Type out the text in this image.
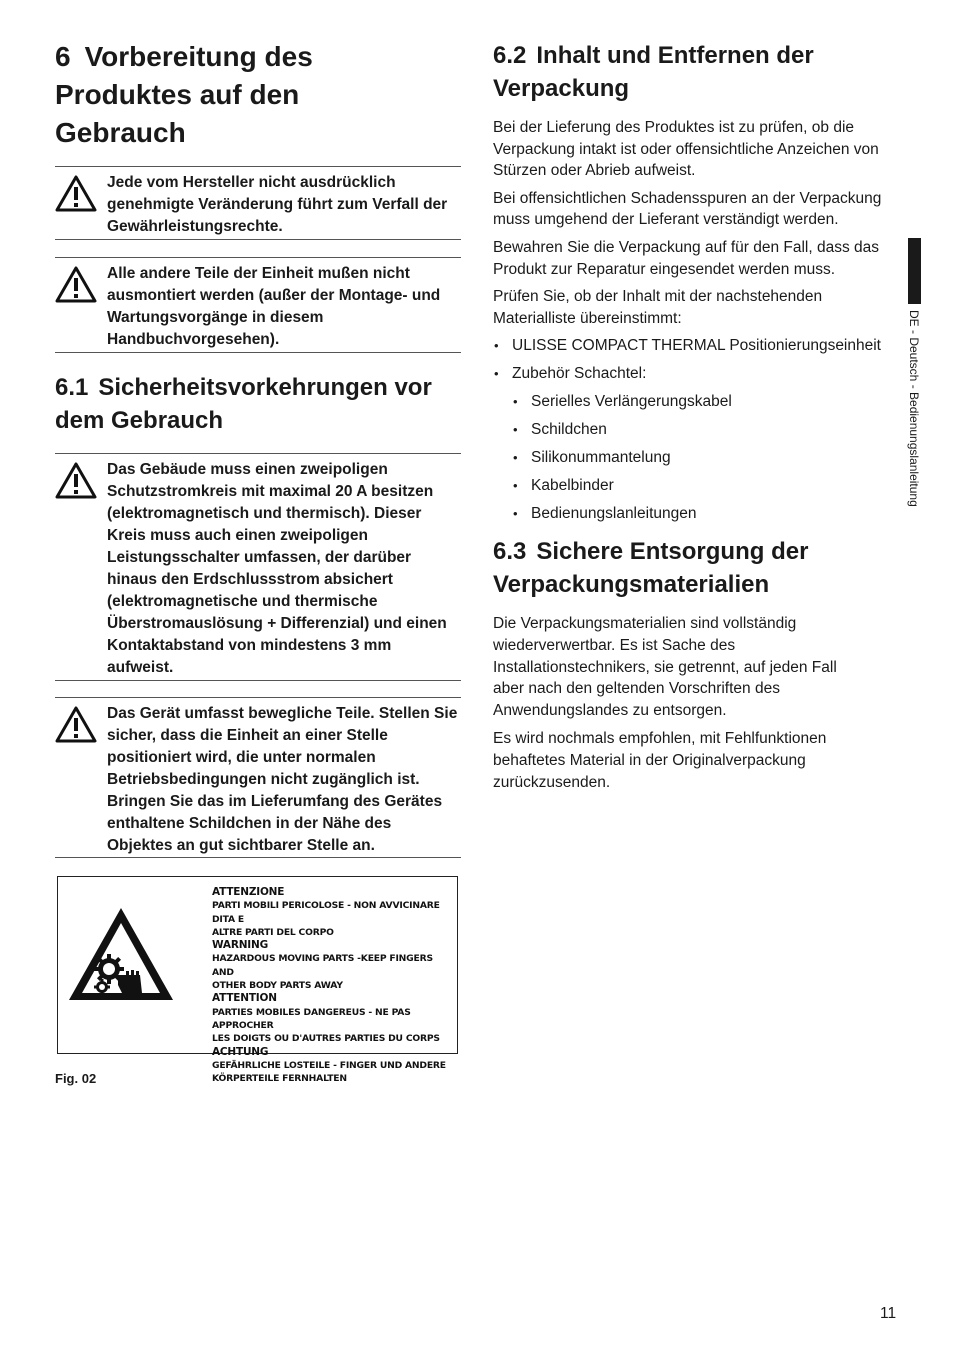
6 Vorbereitung des Produktes auf den Gebrauch
Jede vom Hersteller nicht ausdrücklich genehmigte Veränderung führt zum Verfall der Gewährleistungsrechte.
Alle andere Teile der Einheit mußen nicht ausmontiert werden (außer der Montage- und Wartungsvorgänge in diesem Handbuchvorgesehen).
6.1 Sicherheitsvorkehrungen vor dem Gebrauch
Das Gebäude muss einen zweipoligen Schutzstromkreis mit maximal 20 A besitzen (elektromagnetisch und thermisch). Dieser Kreis muss auch einen zweipoligen Leistungsschalter umfassen, der darüber hinaus den Erdschlussstrom absichert (elektromagnetische und thermische Überstromauslösung + Differenzial) und einen Kontaktabstand von mindestens 3 mm aufweist.
Das Gerät umfasst bewegliche Teile. Stellen Sie sicher, dass die Einheit an einer Stelle positioniert wird, die unter normalen Betriebsbedingungen nicht zugänglich ist. Bringen Sie das im Lieferumfang des Gerätes enthaltene Schildchen in der Nähe des Objektes an gut sichtbarer Stelle an.
ATTENZIONE
PARTI MOBILI PERICOLOSE - NON AVVICINARE DITA E
ALTRE PARTI DEL CORPO
WARNING
HAZARDOUS MOVING PARTS -KEEP FINGERS AND
OTHER BODY PARTS AWAY
ATTENTION
PARTIES MOBILES DANGEREUS - NE PAS APPROCHER
LES DOIGTS OU D'AUTRES PARTIES DU CORPS
ACHTUNG
GEFÄHRLICHE LOSTEILE - FINGER UND ANDERE
KÖRPERTEILE FERNHALTEN
Fig. 02
6.2 Inhalt und Entfernen der Verpackung

Bei der Lieferung des Produktes ist zu prüfen, ob die Verpackung intakt ist oder offensichtliche Anzeichen von Stürzen oder Abrieb aufweist.

Bei offensichtlichen Schadensspuren an der Verpackung muss umgehend der Lieferant verständigt werden.

Bewahren Sie die Verpackung auf für den Fall, dass das Produkt zur Reparatur eingesendet werden muss.

Prüfen Sie, ob der Inhalt mit der nachstehenden Materialliste übereinstimmt:

• ULISSE COMPACT THERMAL Positionierungseinheit
• Zubehör Schachtel:
• Serielles Verlängerungskabel
• Schildchen
• Silikonummantelung
• Kabelbinder
• Bedienungslanleitungen
6.3 Sichere Entsorgung der Verpackungsmaterialien

Die Verpackungsmaterialien sind vollständig wiederverwertbar. Es ist Sache des Installationstechnikers, sie getrennt, auf jeden Fall aber nach den geltenden Vorschriften des Anwendungslandes zu entsorgen.

Es wird nochmals empfohlen, mit Fehlfunktionen behaftetes Material in der Originalverpackung zurückzusenden.

DE - Deutsch - Bedienungslanleitung
11
